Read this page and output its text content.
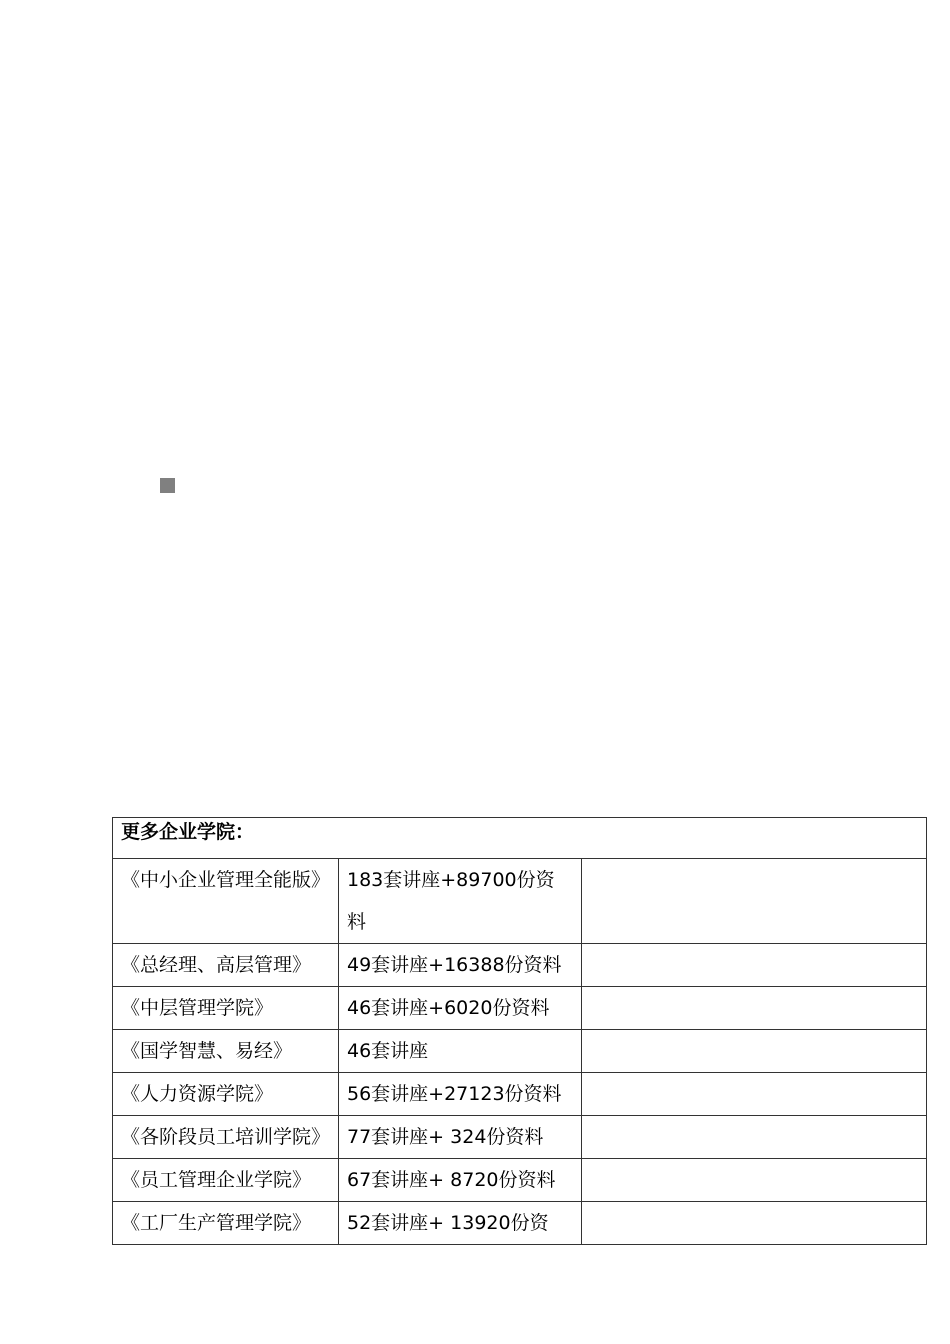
更多企业学院：		
《中小企业管理全能版》	183套讲座+89700份资料	
《总经理、高层管理》	49套讲座+16388份资料	
《中层管理学院》	46套讲座+6020份资料	
《国学智慧、易经》	46套讲座	
《人力资源学院》	56套讲座+27123份资料	
《各阶段员工培训学院》	77套讲座+ 324份资料	
《员工管理企业学院》	67套讲座+ 8720份资料	
《工厂生产管理学院》	52套讲座+ 13920份资	
